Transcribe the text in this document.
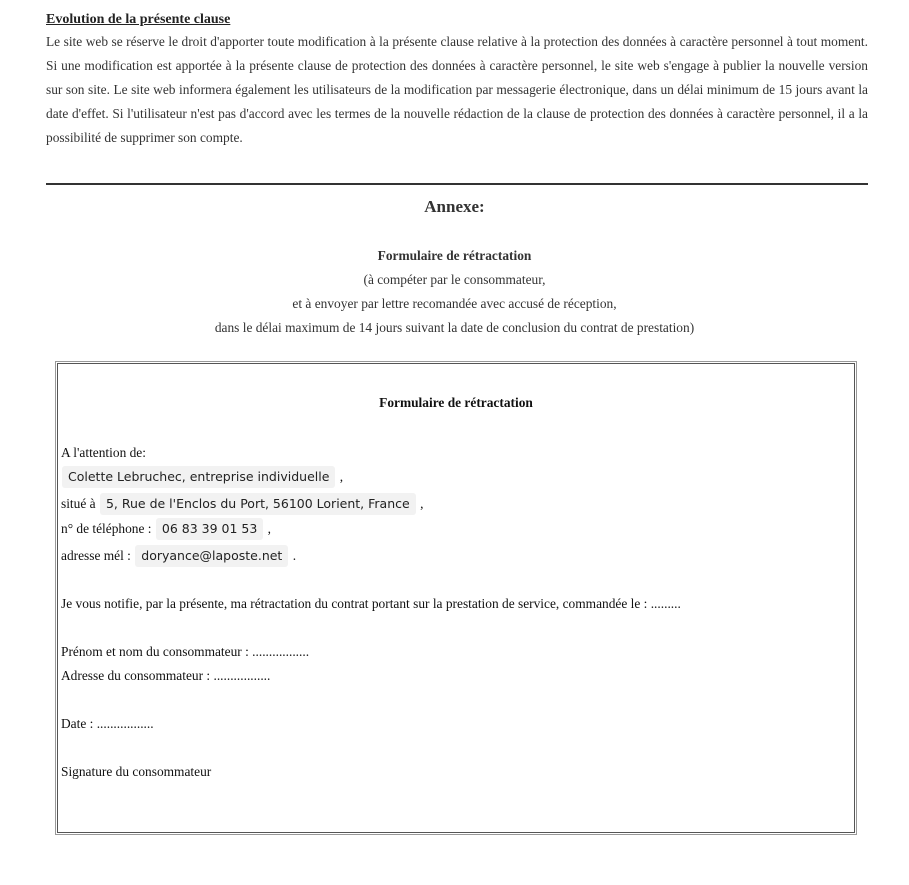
Evolution de la présente clause
Le site web se réserve le droit d'apporter toute modification à la présente clause relative à la protection des données à caractère personnel à tout moment. Si une modification est apportée à la présente clause de protection des données à caractère personnel, le site web s'engage à publier la nouvelle version sur son site. Le site web informera également les utilisateurs de la modification par messagerie électronique, dans un délai minimum de 15 jours avant la date d'effet. Si l'utilisateur n'est pas d'accord avec les termes de la nouvelle rédaction de la clause de protection des données à caractère personnel, il a la possibilité de supprimer son compte.
Annexe:
Formulaire de rétractation
(à compéter par le consommateur,
et à envoyer par lettre recomandée avec accusé de réception,
dans le délai maximum de 14 jours suivant la date de conclusion du contrat de prestation)
Formulaire de rétractation
A l'attention de:
Colette Lebruchec, entreprise individuelle ,
situé à 5, Rue de l'Enclos du Port, 56100 Lorient, France ,
n° de téléphone : 06 83 39 01 53 ,
adresse mél : doryance@laposte.net .
Je vous notifie, par la présente, ma rétractation du contrat portant sur la prestation de service, commandée le : .........
Prénom et nom du consommateur : .................
Adresse du consommateur : .................
Date : .................
Signature du consommateur
